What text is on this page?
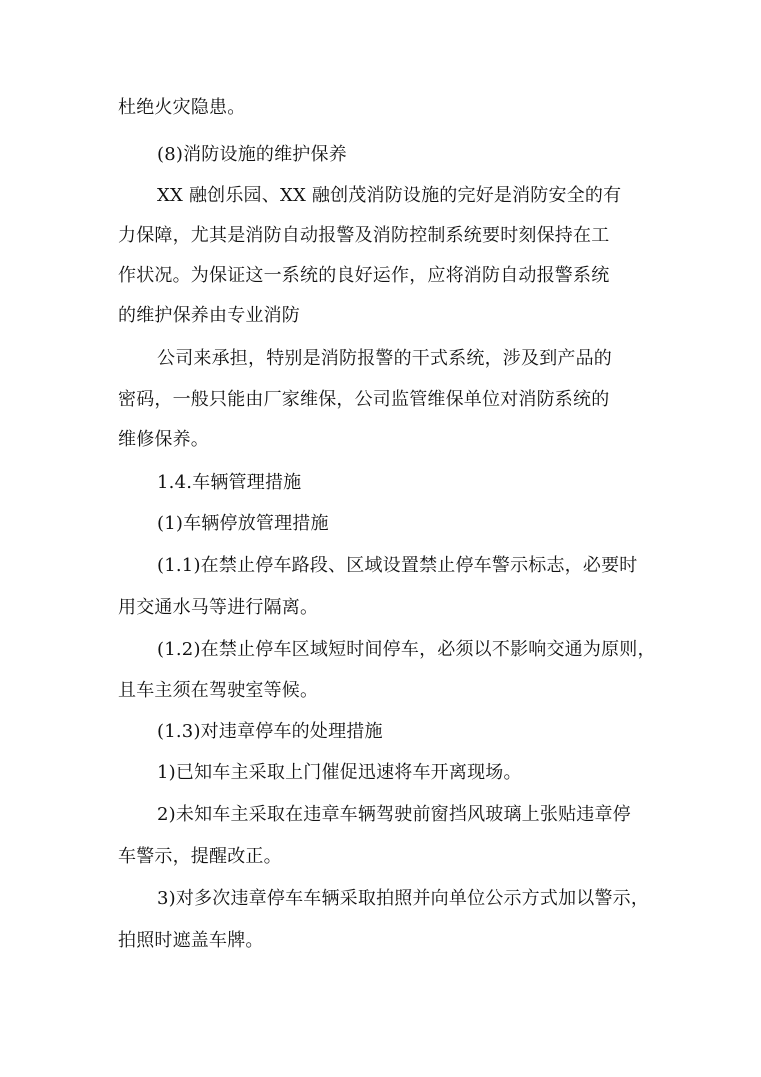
杜绝火灾隐患。
(8)消防设施的维护保养
XX 融创乐园、XX 融创茂消防设施的完好是消防安全的有
力保障，尤其是消防自动报警及消防控制系统要时刻保持在工
作状况。为保证这一系统的良好运作，应将消防自动报警系统
的维护保养由专业消防
公司来承担，特别是消防报警的干式系统，涉及到产品的
密码，一般只能由厂家维保，公司监管维保单位对消防系统的
维修保养。
1.4.车辆管理措施
(1)车辆停放管理措施
(1.1)在禁止停车路段、区域设置禁止停车警示标志，必要时
用交通水马等进行隔离。
(1.2)在禁止停车区域短时间停车，必须以不影响交通为原则，
且车主须在驾驶室等候。
(1.3)对违章停车的处理措施
1)已知车主采取上门催促迅速将车开离现场。
2)未知车主采取在违章车辆驾驶前窗挡风玻璃上张贴违章停
车警示，提醒改正。
3)对多次违章停车车辆采取拍照并向单位公示方式加以警示，
拍照时遮盖车牌。
